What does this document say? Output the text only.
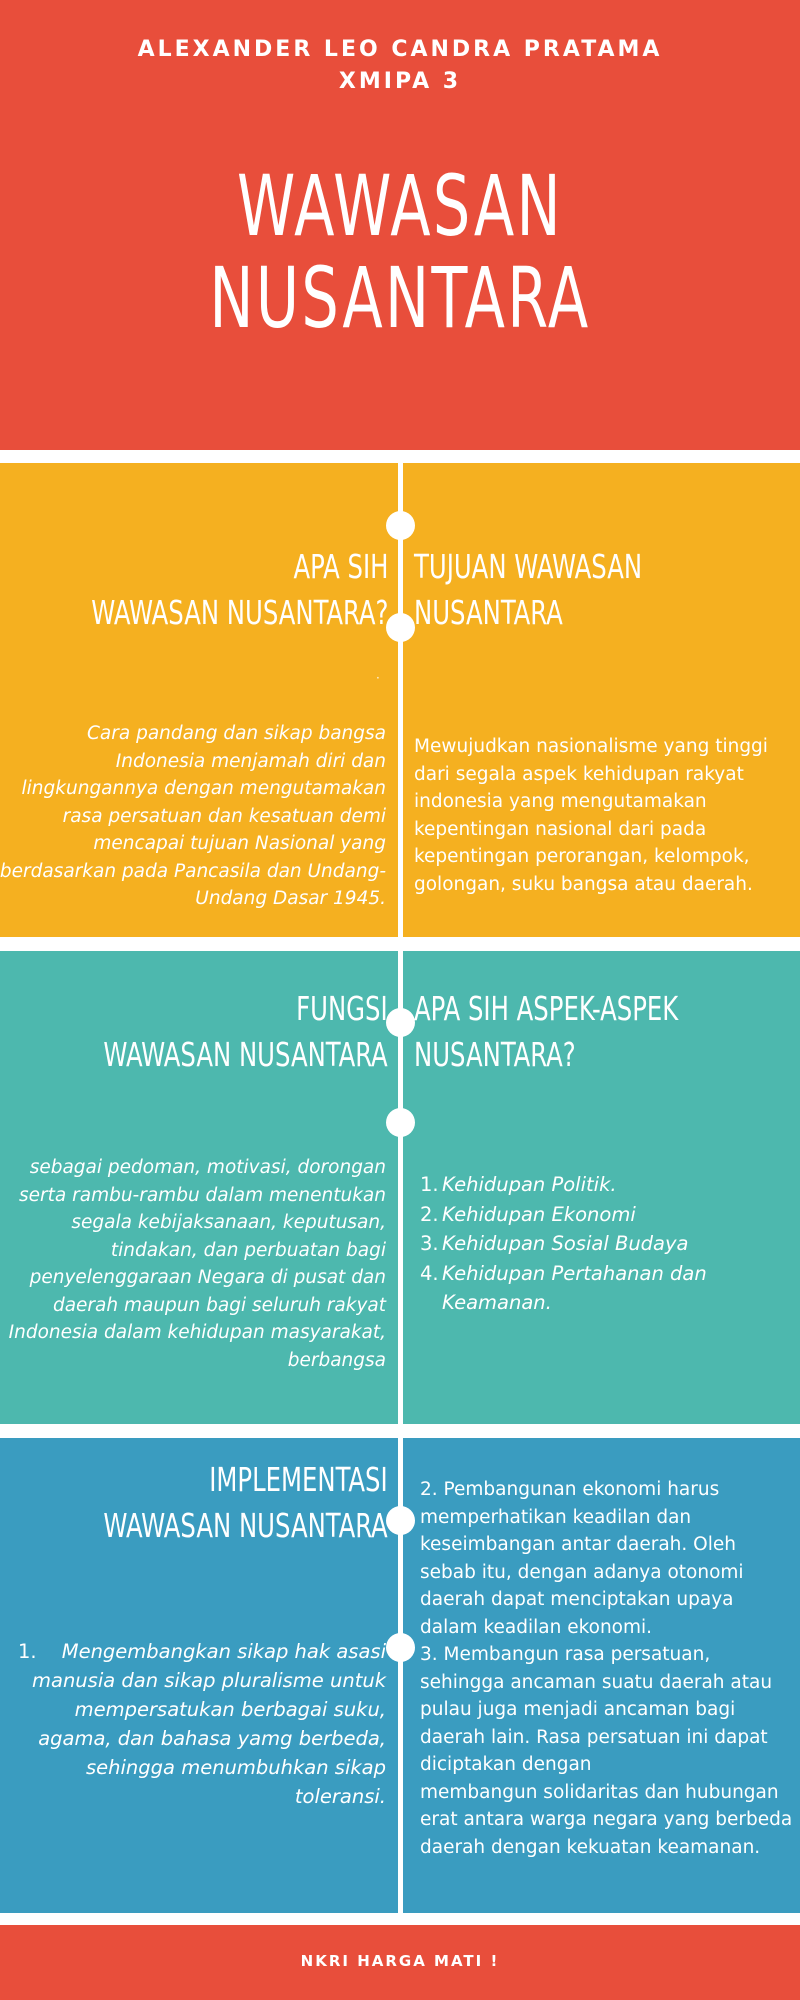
ALEXANDER LEO CANDRA PRATAMA
XMIPA 3
WAWASAN
NUSANTARA
APA SIH
WAWASAN NUSANTARA?
TUJUAN WAWASAN
NUSANTARA
·
Cara pandang dan sikap bangsa Indonesia menjamah diri dan lingkungannya dengan mengutamakan rasa persatuan dan kesatuan demi mencapai tujuan Nasional yang berdasarkan pada Pancasila dan Undang-Undang Dasar 1945.
Mewujudkan nasionalisme yang tinggi dari segala aspek kehidupan rakyat indonesia yang mengutamakan kepentingan nasional dari pada kepentingan perorangan, kelompok, golongan, suku bangsa atau daerah.
FUNGSI
WAWASAN NUSANTARA
APA SIH ASPEK-ASPEK
NUSANTARA?
sebagai pedoman, motivasi, dorongan serta rambu-rambu dalam menentukan segala kebijaksanaan, keputusan, tindakan, dan perbuatan bagi penyelenggaraan Negara di pusat dan daerah maupun bagi seluruh rakyat Indonesia dalam kehidupan masyarakat, berbangsa
1. Kehidupan Politik.
2. Kehidupan Ekonomi
3. Kehidupan Sosial Budaya
4. Kehidupan Pertahanan dan Keamanan.
IMPLEMENTASI
WAWASAN NUSANTARA
1.	Mengembangkan sikap hak asasi manusia dan sikap pluralisme untuk mempersatukan berbagai suku, agama, dan bahasa yamg berbeda, sehingga menumbuhkan sikap toleransi.
2. Pembangunan ekonomi harus memperhatikan keadilan dan keseimbangan antar daerah. Oleh sebab itu, dengan adanya otonomi daerah dapat menciptakan upaya dalam keadilan ekonomi.
3. Membangun rasa persatuan, sehingga ancaman suatu daerah atau pulau juga menjadi ancaman bagi daerah lain. Rasa persatuan ini dapat diciptakan dengan
membangun solidaritas dan hubungan erat antara warga negara yang berbeda daerah dengan kekuatan keamanan.
NKRI HARGA MATI !
